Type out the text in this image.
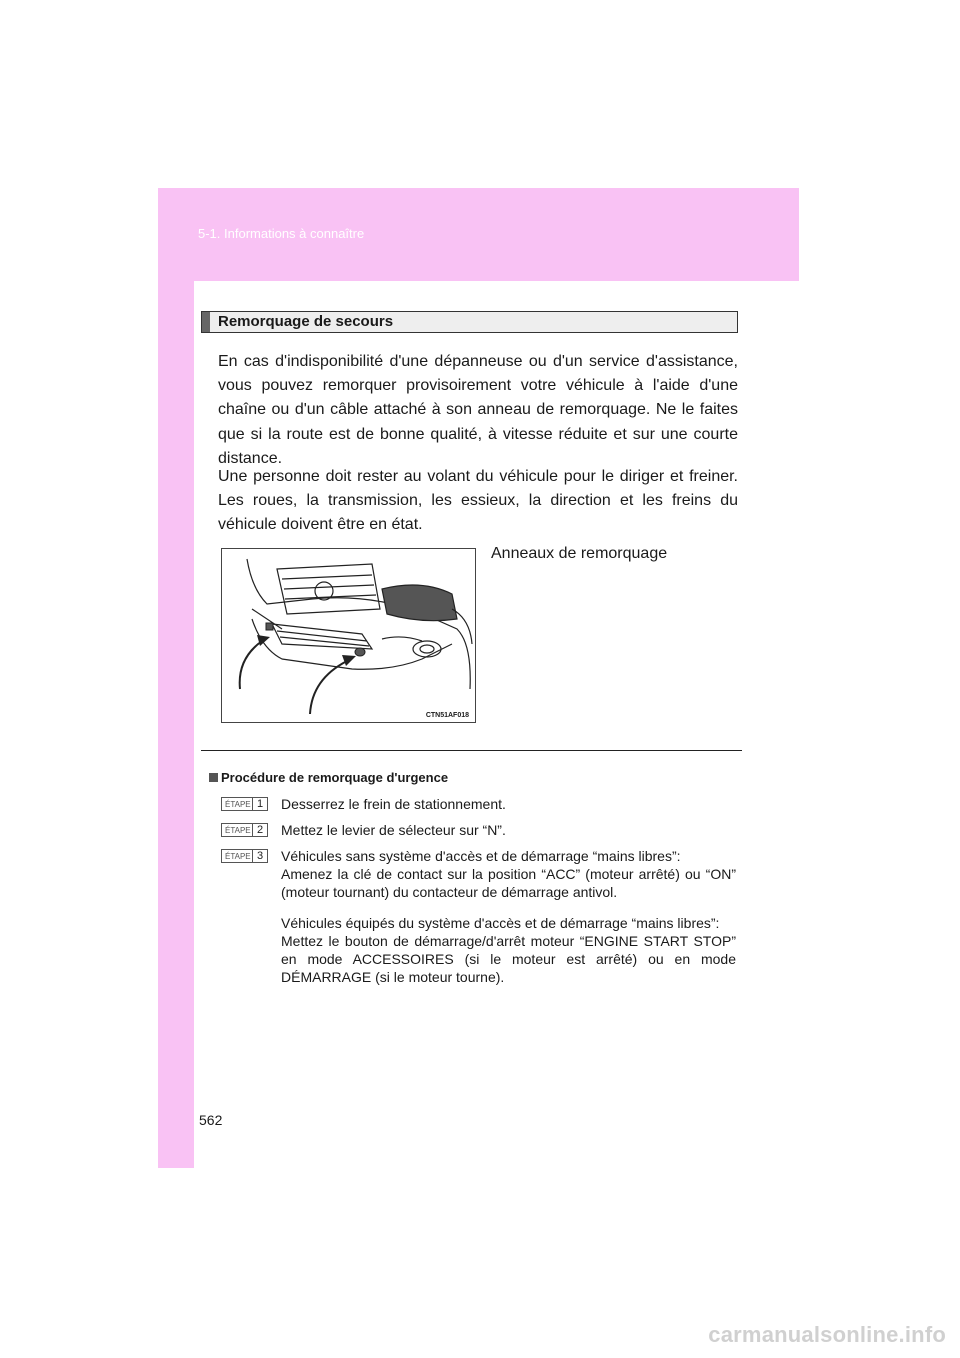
5-1. Informations à connaître
Remorquage de secours

En cas d'indisponibilité d'une dépanneuse ou d'un service d'assistance, vous pouvez remorquer provisoirement votre véhicule à l'aide d'une chaîne ou d'un câble attaché à son anneau de remorquage. Ne le faites que si la route est de bonne qualité, à vitesse réduite et sur une courte distance.

Une personne doit rester au volant du véhicule pour le diriger et freiner. Les roues, la transmission, les essieux, la direction et les freins du véhicule doivent être en état.

CTN51AF018
Anneaux de remorquage
Procédure de remorquage d'urgence
ÉTAPE 1 Desserrez le frein de stationnement.

ÉTAPE 2 Mettez le levier de sélecteur sur “N”.

ÉTAPE 3 Véhicules sans système d'accès et de démarrage “mains libres”:
Amenez la clé de contact sur la position “ACC” (moteur arrêté) ou “ON” (moteur tournant) du contacteur de démarrage antivol.

Véhicules équipés du système d'accès et de démarrage “mains libres”:
Mettez le bouton de démarrage/d'arrêt moteur “ENGINE START STOP” en mode ACCESSOIRES (si le moteur est arrêté) ou en mode DÉMARRAGE (si le moteur tourne).

562
carmanualsonline.info
